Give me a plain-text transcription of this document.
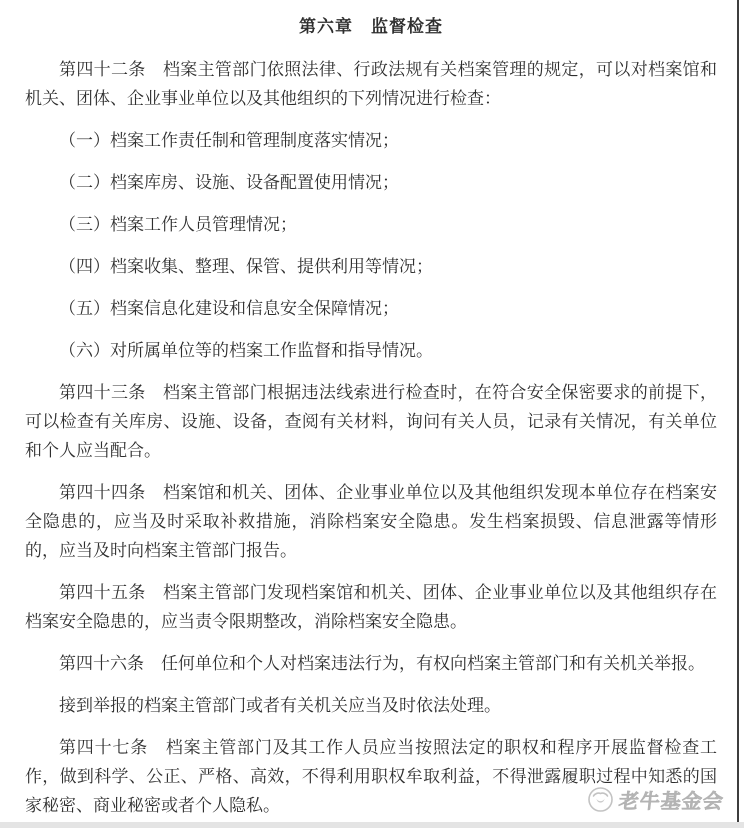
第六章　监督检查

第四十二条　档案主管部门依照法律、行政法规有关档案管理的规定，可以对档案馆和机关、团体、企业事业单位以及其他组织的下列情况进行检查：

（一）档案工作责任制和管理制度落实情况；

（二）档案库房、设施、设备配置使用情况；

（三）档案工作人员管理情况；

（四）档案收集、整理、保管、提供利用等情况；

（五）档案信息化建设和信息安全保障情况；

（六）对所属单位等的档案工作监督和指导情况。

第四十三条　档案主管部门根据违法线索进行检查时，在符合安全保密要求的前提下，可以检查有关库房、设施、设备，查阅有关材料，询问有关人员，记录有关情况，有关单位和个人应当配合。

第四十四条　档案馆和机关、团体、企业事业单位以及其他组织发现本单位存在档案安全隐患的，应当及时采取补救措施，消除档案安全隐患。发生档案损毁、信息泄露等情形的，应当及时向档案主管部门报告。

第四十五条　档案主管部门发现档案馆和机关、团体、企业事业单位以及其他组织存在档案安全隐患的，应当责令限期整改，消除档案安全隐患。

第四十六条　任何单位和个人对档案违法行为，有权向档案主管部门和有关机关举报。

接到举报的档案主管部门或者有关机关应当及时依法处理。

第四十七条　档案主管部门及其工作人员应当按照法定的职权和程序开展监督检查工作，做到科学、公正、严格、高效，不得利用职权牟取利益，不得泄露履职过程中知悉的国家秘密、商业秘密或者个人隐私。	老牛基金会
